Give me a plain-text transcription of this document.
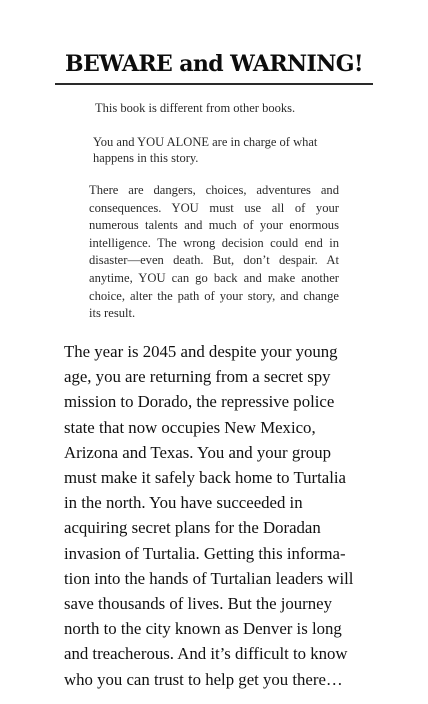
BEWARE and WARNING!
This book is different from other books.
You and YOU ALONE are in charge of what happens in this story.
There are dangers, choices, adventures and consequences. YOU must use all of your numerous talents and much of your enormous intelligence. The wrong decision could end in disaster—even death. But, don’t despair. At anytime, YOU can go back and make another choice, alter the path of your story, and change its result.
The year is 2045 and despite your young
age, you are returning from a secret spy
mission to Dorado, the repressive police
state that now occupies New Mexico,
Arizona and Texas. You and your group
must make it safely back home to Turtalia
in the north. You have succeeded in
acquiring secret plans for the Doradan
invasion of Turtalia. Getting this informa-
tion into the hands of Turtalian leaders will
save thousands of lives. But the journey
north to the city known as Denver is long
and treacherous. And it’s difficult to know
who you can trust to help get you there…
